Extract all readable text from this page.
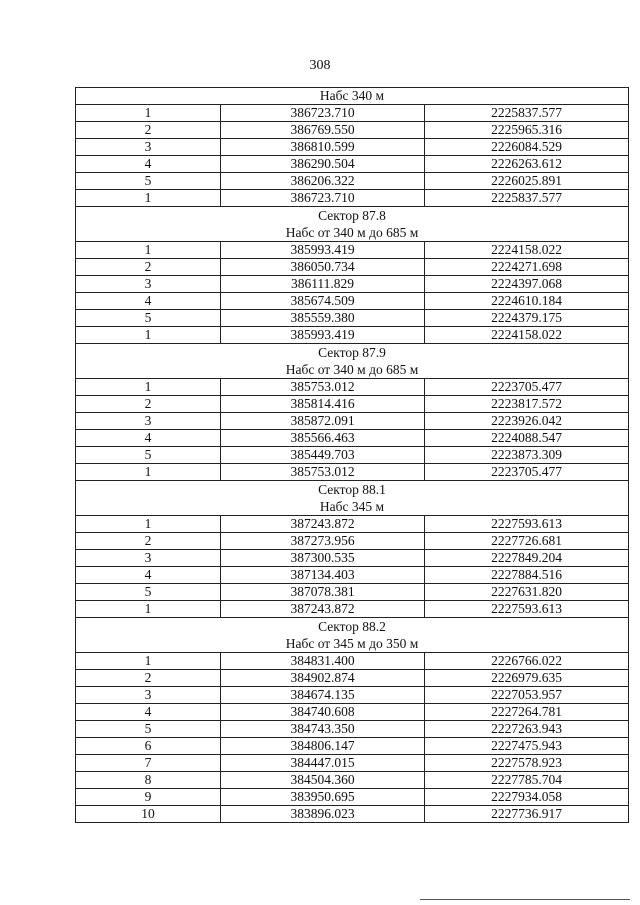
308
Набс 340 м		

1	386723.710	2225837.577
2	386769.550	2225965.316
3	386810.599	2226084.529
4	386290.504	2226263.612
5	386206.322	2226025.891
1	386723.710	2225837.577

Сектор 87.8
Набс от 340 м до 685 м		

1	385993.419	2224158.022
2	386050.734	2224271.698
3	386111.829	2224397.068
4	385674.509	2224610.184
5	385559.380	2224379.175
1	385993.419	2224158.022

Сектор 87.9
Набс от 340 м до 685 м		

1	385753.012	2223705.477
2	385814.416	2223817.572
3	385872.091	2223926.042
4	385566.463	2224088.547
5	385449.703	2223873.309
1	385753.012	2223705.477

Сектор 88.1
Набс 345 м		

1	387243.872	2227593.613
2	387273.956	2227726.681
3	387300.535	2227849.204
4	387134.403	2227884.516
5	387078.381	2227631.820
1	387243.872	2227593.613

Сектор 88.2
Набс от 345 м до 350 м		

1	384831.400	2226766.022
2	384902.874	2226979.635
3	384674.135	2227053.957
4	384740.608	2227264.781
5	384743.350	2227263.943
6	384806.147	2227475.943
7	384447.015	2227578.923
8	384504.360	2227785.704
9	383950.695	2227934.058
10	383896.023	2227736.917
